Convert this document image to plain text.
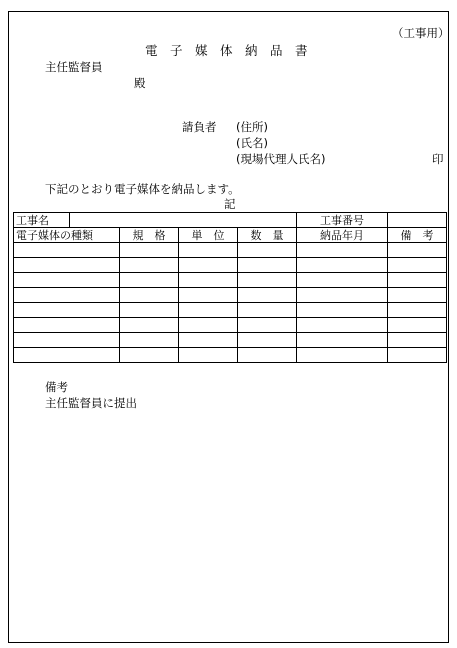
（工事用）
電　子　媒　体　納　品　書
主任監督員
殿
請負者 (住所)
(氏名)
(現場代理人氏名)	印
下記のとおり電子媒体を納品します。
記
工事名					工事番号	
電子媒体の種類		規　格	単　位	数　量	納品年月	備　考

備考
主任監督員に提出
